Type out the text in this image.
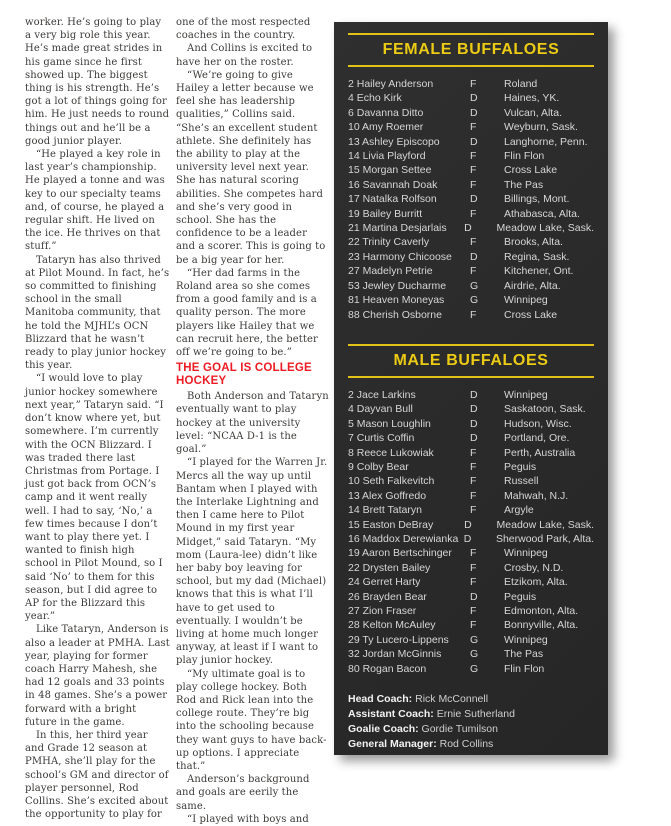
worker. He’s going to play a very big role this year. He’s made great strides in his game since he first showed up. The biggest thing is his strength. He’s got a lot of things going for him. He just needs to round things out and he’ll be a good junior player.

“He played a key role in last year’s championship. He played a tonne and was key to our specialty teams and, of course, he played a regular shift. He lived on the ice. He thrives on that stuff.”

Tataryn has also thrived at Pilot Mound. In fact, he’s so committed to finishing school in the small Manitoba community, that he told the MJHL’s OCN Blizzard that he wasn’t ready to play junior hockey this year.

“I would love to play junior hockey somewhere next year,” Tataryn said. “I don’t know where yet, but somewhere. I’m currently with the OCN Blizzard. I was traded there last Christmas from Portage. I just got back from OCN’s camp and it went really well. I had to say, ‘No,’ a few times because I don’t want to play there yet. I wanted to finish high school in Pilot Mound, so I said ‘No’ to them for this season, but I did agree to AP for the Blizzard this year.”

Like Tataryn, Anderson is also a leader at PMHA. Last year, playing for former coach Harry Mahesh, she had 12 goals and 33 points in 48 games. She’s a power forward with a bright future in the game.

In this, her third year and Grade 12 season at PMHA, she’ll play for the school’s GM and director of player personnel, Rod Collins. She’s excited about the opportunity to play for

one of the most respected coaches in the country.

And Collins is excited to have her on the roster.

“We’re going to give Hailey a letter because we feel she has leadership qualities,” Collins said. “She’s an excellent student athlete. She definitely has the ability to play at the university level next year. She has natural scoring abilities. She competes hard and she’s very good in school. She has the confidence to be a leader and a scorer. This is going to be a big year for her.

“Her dad farms in the Roland area so she comes from a good family and is a quality person. The more players like Hailey that we can recruit here, the better off we’re going to be.”

THE GOAL IS COLLEGE HOCKEY

Both Anderson and Tataryn eventually want to play hockey at the university level: “NCAA D-1 is the goal.”

“I played for the Warren Jr. Mercs all the way up until Bantam when I played with the Interlake Lightning and then I came here to Pilot Mound in my first year Midget,” said Tataryn. “My mom (Laura-lee) didn’t like her baby boy leaving for school, but my dad (Michael) knows that this is what I’ll have to get used to eventually. I wouldn’t be living at home much longer anyway, at least if I want to play junior hockey.

“My ultimate goal is to play college hockey. Both Rod and Rick lean into the college route. They’re big into the schooling because they want guys to have back-up options. I appreciate that.”

Anderson’s background and goals are eerily the same.

“I played with boys and

FEMALE BUFFALOES
2 Hailey Anderson	F	Roland
4 Echo Kirk	D	Haines, YK.
6 Davanna Ditto	D	Vulcan, Alta.
10 Amy Roemer	F	Weyburn, Sask.
13 Ashley Episcopo	D	Langhorne, Penn.
14 Livia Playford	F	Flin Flon
15 Morgan Settee	F	Cross Lake
16 Savannah Doak	F	The Pas
17 Natalka Rolfson	D	Billings, Mont.
19 Bailey Burritt	F	Athabasca, Alta.
21 Martina Desjarlais	D	Meadow Lake, Sask.
22 Trinity Caverly	F	Brooks, Alta.
23 Harmony Chicoose	D	Regina, Sask.
27 Madelyn Petrie	F	Kitchener, Ont.
53 Jewley Ducharme	G	Airdrie, Alta.
81 Heaven Moneyas	G	Winnipeg
88 Cherish Osborne	F	Cross Lake
MALE BUFFALOES
2 Jace Larkins	D	Winnipeg
4 Dayvan Bull	D	Saskatoon, Sask.
5 Mason Loughlin	D	Hudson, Wisc.
7 Curtis Coffin	D	Portland, Ore.
8 Reece Lukowiak	F	Perth, Australia
9 Colby Bear	F	Peguis
10 Seth Falkevitch	F	Russell
13 Alex Goffredo	F	Mahwah, N.J.
14 Brett Tataryn	F	Argyle
15 Easton DeBray	D	Meadow Lake, Sask.
16 Maddox Derewianka D	Sherwood Park, Alta.
19 Aaron Bertschinger	F	Winnipeg
22 Drysten Bailey	F	Crosby, N.D.
24 Gerret Harty	F	Etzikom, Alta.
26 Brayden Bear	D	Peguis
27 Zion Fraser	F	Edmonton, Alta.
28 Kelton McAuley	F	Bonnyville, Alta.
29 Ty Lucero-Lippens	G	Winnipeg
32 Jordan McGinnis	G	The Pas
80 Rogan Bacon	G	Flin Flon
Head Coach: Rick McConnell
Assistant Coach: Ernie Sutherland
Goalie Coach: Gordie Tumilson
General Manager: Rod Collins
